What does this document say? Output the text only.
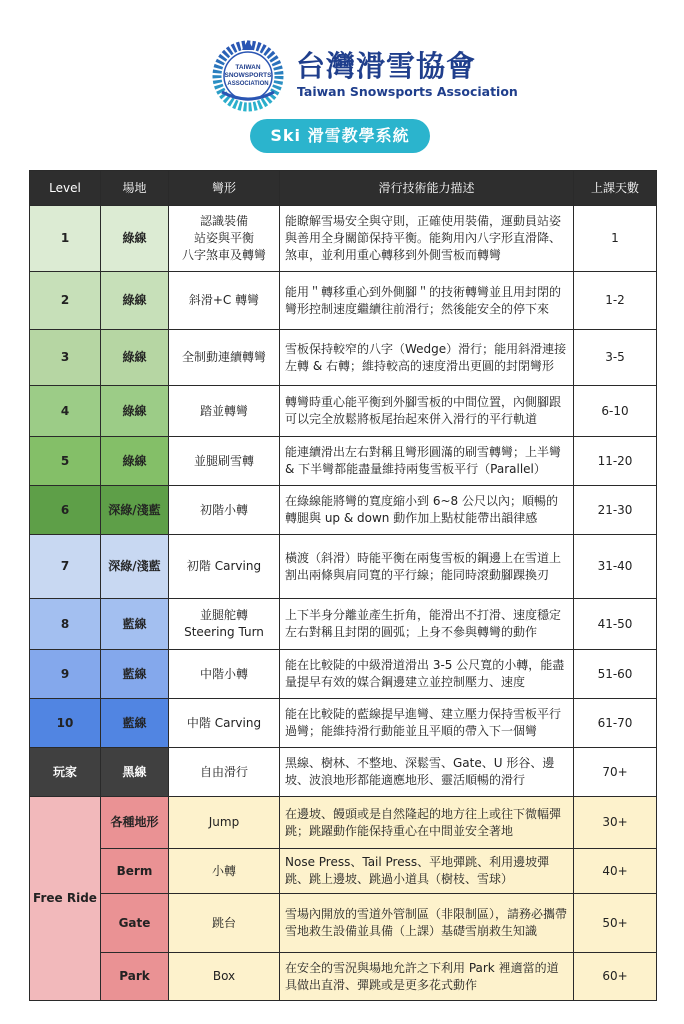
TAIWAN
SNOWSPORTS
ASSOCIATION
台灣滑雪協會
Taiwan Snowsports Association
Ski 滑雪教學系統
Level	場地	彎形	滑行技術能力描述	上課天數
1	綠線	認識裝備
站姿與平衡
八字煞車及轉彎	能瞭解雪場安全與守則，正確使用裝備，運動員站姿與善用全身關節保持平衡。能夠用內八字形直滑降、煞車，並利用重心轉移到外側雪板而轉彎	1
2	綠線	斜滑+C 轉彎	能用＂轉移重心到外側腳＂的技術轉彎並且用封閉的彎形控制速度繼續往前滑行；然後能安全的停下來	1-2
3	綠線	全制動連續轉彎	雪板保持較窄的八字（Wedge）滑行；能用斜滑連接左轉 & 右轉；維持較高的速度滑出更圓的封閉彎形	3-5
4	綠線	踏並轉彎	轉彎時重心能平衡到外腳雪板的中間位置，內側腳跟可以完全放鬆將板尾抬起來併入滑行的平行軌道	6-10
5	綠線	並腿刷雪轉	能連續滑出左右對稱且彎形圓滿的刷雪轉彎；上半彎 & 下半彎都能盡量維持兩隻雪板平行（Parallel）	11-20
6	深綠/淺藍	初階小轉	在綠線能將彎的寬度縮小到 6~8 公尺以內；順暢的轉腿與 up & down 動作加上點杖能帶出韻律感	21-30
7	深綠/淺藍	初階 Carving	橫渡（斜滑）時能平衡在兩隻雪板的鋼邊上在雪道上割出兩條與肩同寬的平行線；能同時滾動腳踝換刃	31-40
8	藍線	並腿舵轉
Steering Turn	上下半身分離並產生折角，能滑出不打滑、速度穩定左右對稱且封閉的圓弧；上身不參與轉彎的動作	41-50
9	藍線	中階小轉	能在比較陡的中級滑道滑出 3-5 公尺寬的小轉，能盡量提早有效的媒合鋼邊建立並控制壓力、速度	51-60
10	藍線	中階 Carving	能在比較陡的藍線提早進彎、建立壓力保持雪板平行過彎；能維持滑行動能並且平順的帶入下一個彎	61-70
玩家	黑線	自由滑行	黑線、樹林、不整地、深鬆雪、Gate、U 形谷、邊坡、波浪地形都能適應地形、靈活順暢的滑行	70+
Free Ride	各種地形	Jump	在邊坡、饅頭或是自然隆起的地方往上或往下微幅彈跳；跳躍動作能保持重心在中間並安全著地	30+
	Berm	小轉	Nose Press、Tail Press、平地彈跳、利用邊坡彈跳、跳上邊坡、跳過小道具（樹枝、雪球）	40+
	Gate	跳台	雪場內開放的雪道外管制區（非限制區），請務必攜帶雪地救生設備並具備（上課）基礎雪崩救生知識	50+
	Park	Box	在安全的雪況與場地允許之下利用 Park 裡適當的道具做出直滑、彈跳或是更多花式動作	60+
